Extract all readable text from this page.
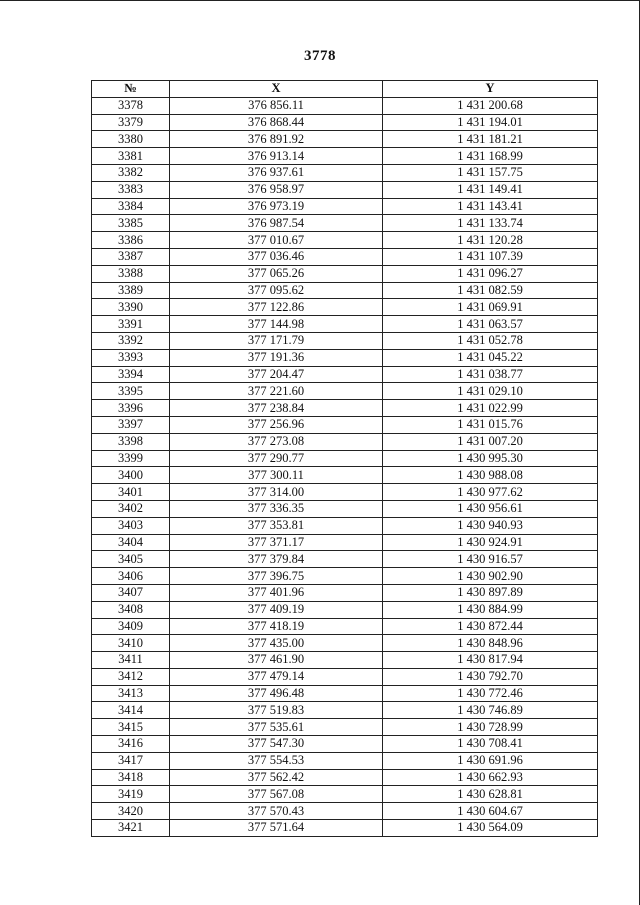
3778
№	X	Y
3378	376 856.11	1 431 200.68
3379	376 868.44	1 431 194.01
3380	376 891.92	1 431 181.21
3381	376 913.14	1 431 168.99
3382	376 937.61	1 431 157.75
3383	376 958.97	1 431 149.41
3384	376 973.19	1 431 143.41
3385	376 987.54	1 431 133.74
3386	377 010.67	1 431 120.28
3387	377 036.46	1 431 107.39
3388	377 065.26	1 431 096.27
3389	377 095.62	1 431 082.59
3390	377 122.86	1 431 069.91
3391	377 144.98	1 431 063.57
3392	377 171.79	1 431 052.78
3393	377 191.36	1 431 045.22
3394	377 204.47	1 431 038.77
3395	377 221.60	1 431 029.10
3396	377 238.84	1 431 022.99
3397	377 256.96	1 431 015.76
3398	377 273.08	1 431 007.20
3399	377 290.77	1 430 995.30
3400	377 300.11	1 430 988.08
3401	377 314.00	1 430 977.62
3402	377 336.35	1 430 956.61
3403	377 353.81	1 430 940.93
3404	377 371.17	1 430 924.91
3405	377 379.84	1 430 916.57
3406	377 396.75	1 430 902.90
3407	377 401.96	1 430 897.89
3408	377 409.19	1 430 884.99
3409	377 418.19	1 430 872.44
3410	377 435.00	1 430 848.96
3411	377 461.90	1 430 817.94
3412	377 479.14	1 430 792.70
3413	377 496.48	1 430 772.46
3414	377 519.83	1 430 746.89
3415	377 535.61	1 430 728.99
3416	377 547.30	1 430 708.41
3417	377 554.53	1 430 691.96
3418	377 562.42	1 430 662.93
3419	377 567.08	1 430 628.81
3420	377 570.43	1 430 604.67
3421	377 571.64	1 430 564.09
